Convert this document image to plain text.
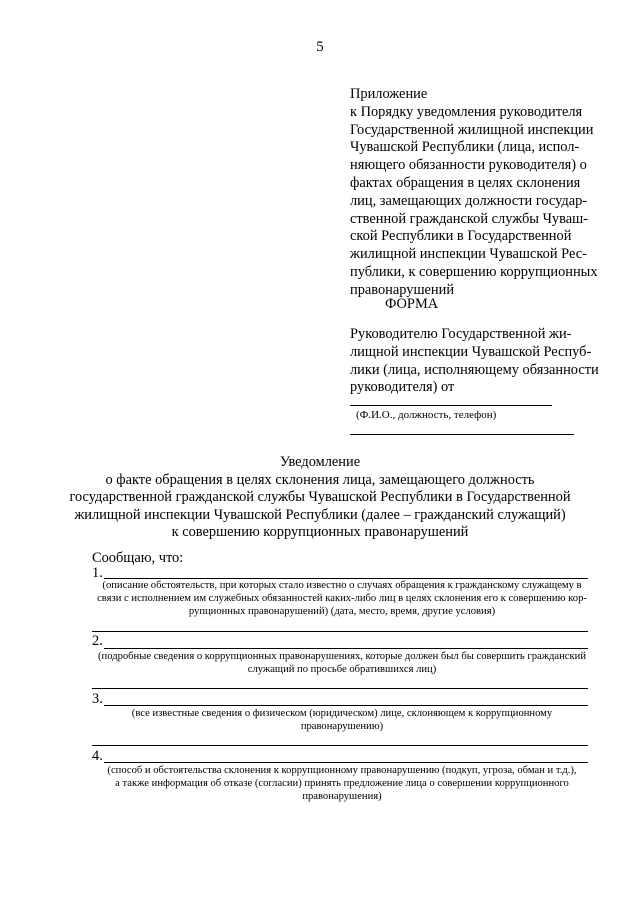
5
Приложение
к Порядку уведомления руководителя
Государственной жилищной инспекции
Чувашской Республики (лица, испол-
няющего обязанности руководителя) о
фактах обращения в целях склонения
лиц, замещающих должности государ-
ственной гражданской службы Чуваш-
ской Республики в Государственной
жилищной инспекции Чувашской Рес-
публики, к совершению коррупционных
правонарушений
ФОРМА
Руководителю Государственной жи-
лищной инспекции Чувашской Респуб-
лики (лица, исполняющему обязанности
руководителя) от
(Ф.И.О., должность, телефон)
Уведомление
о факте обращения в целях склонения лица, замещающего должность
государственной гражданской службы Чувашской Республики в Государственной
жилищной инспекции Чувашской Республики (далее – гражданский служащий)
к совершению коррупционных правонарушений
Сообщаю, что:
1.
(описание обстоятельств, при которых стало известно о случаях обращения к гражданскому служащему в
связи с исполнением им служебных обязанностей каких-либо лиц в целях склонения его к совершению кор-
рупционных правонарушений) (дата, место, время, другие условия)
2.
(подробные сведения о коррупционных правонарушениях, которые должен был бы совершить гражданский
служащий по просьбе обратившихся лиц)
3.
(все известные сведения о физическом (юридическом) лице, склоняющем к коррупционному
правонарушению)
4.
(способ и обстоятельства склонения к коррупционному правонарушению (подкуп, угроза, обман и т.д.),
а также информация об отказе (согласии) принять предложение лица о совершении коррупционного
правонарушения)
